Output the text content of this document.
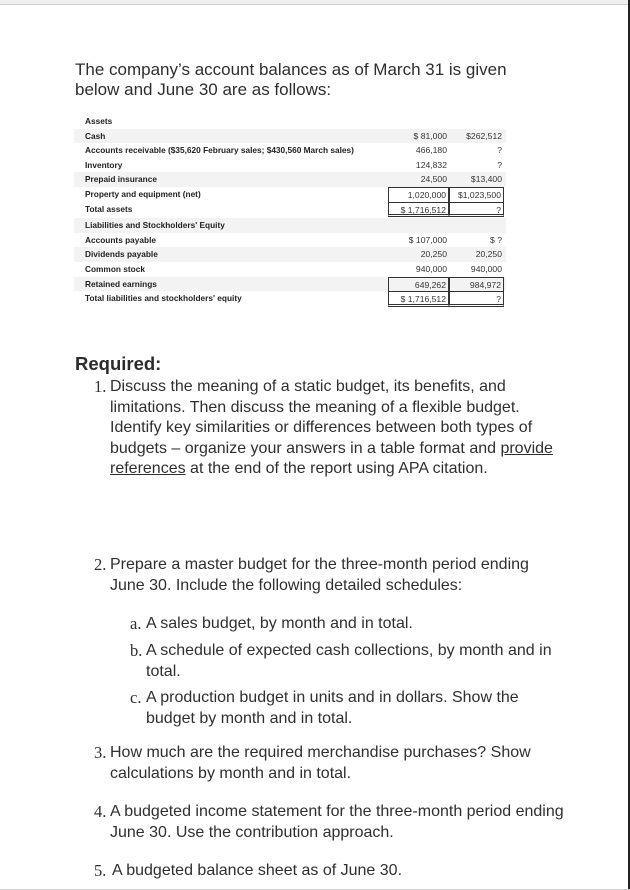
The company’s account balances as of March 31 is given below and June 30 are as follows:
Assets
Cash	$ 81,000	$262,512
Accounts receivable ($35,620 February sales; $430,560 March sales)	466,180	?
Inventory	124,832	?
Prepaid insurance	24,500	$13,400
Property and equipment (net)	1,020,000	$1,023,500
Total assets	$ 1,716,512	?
Liabilities and Stockholders' Equity
Accounts payable	$ 107,000	$ ?
Dividends payable	20,250	20,250
Common stock	940,000	940,000
Retained earnings	649,262	984,972
Total liabilities and stockholders' equity	$ 1,716,512	?
Required:
1. Discuss the meaning of a static budget, its benefits, and limitations. Then discuss the meaning of a flexible budget. Identify key similarities or differences between both types of budgets – organize your answers in a table format and provide references at the end of the report using APA citation.
2. Prepare a master budget for the three-month period ending June 30. Include the following detailed schedules:
a. A sales budget, by month and in total.
b. A schedule of expected cash collections, by month and in total.
c. A production budget in units and in dollars. Show the budget by month and in total.
3. How much are the required merchandise purchases? Show calculations by month and in total.
4. A budgeted income statement for the three-month period ending June 30. Use the contribution approach.
5. A budgeted balance sheet as of June 30.
